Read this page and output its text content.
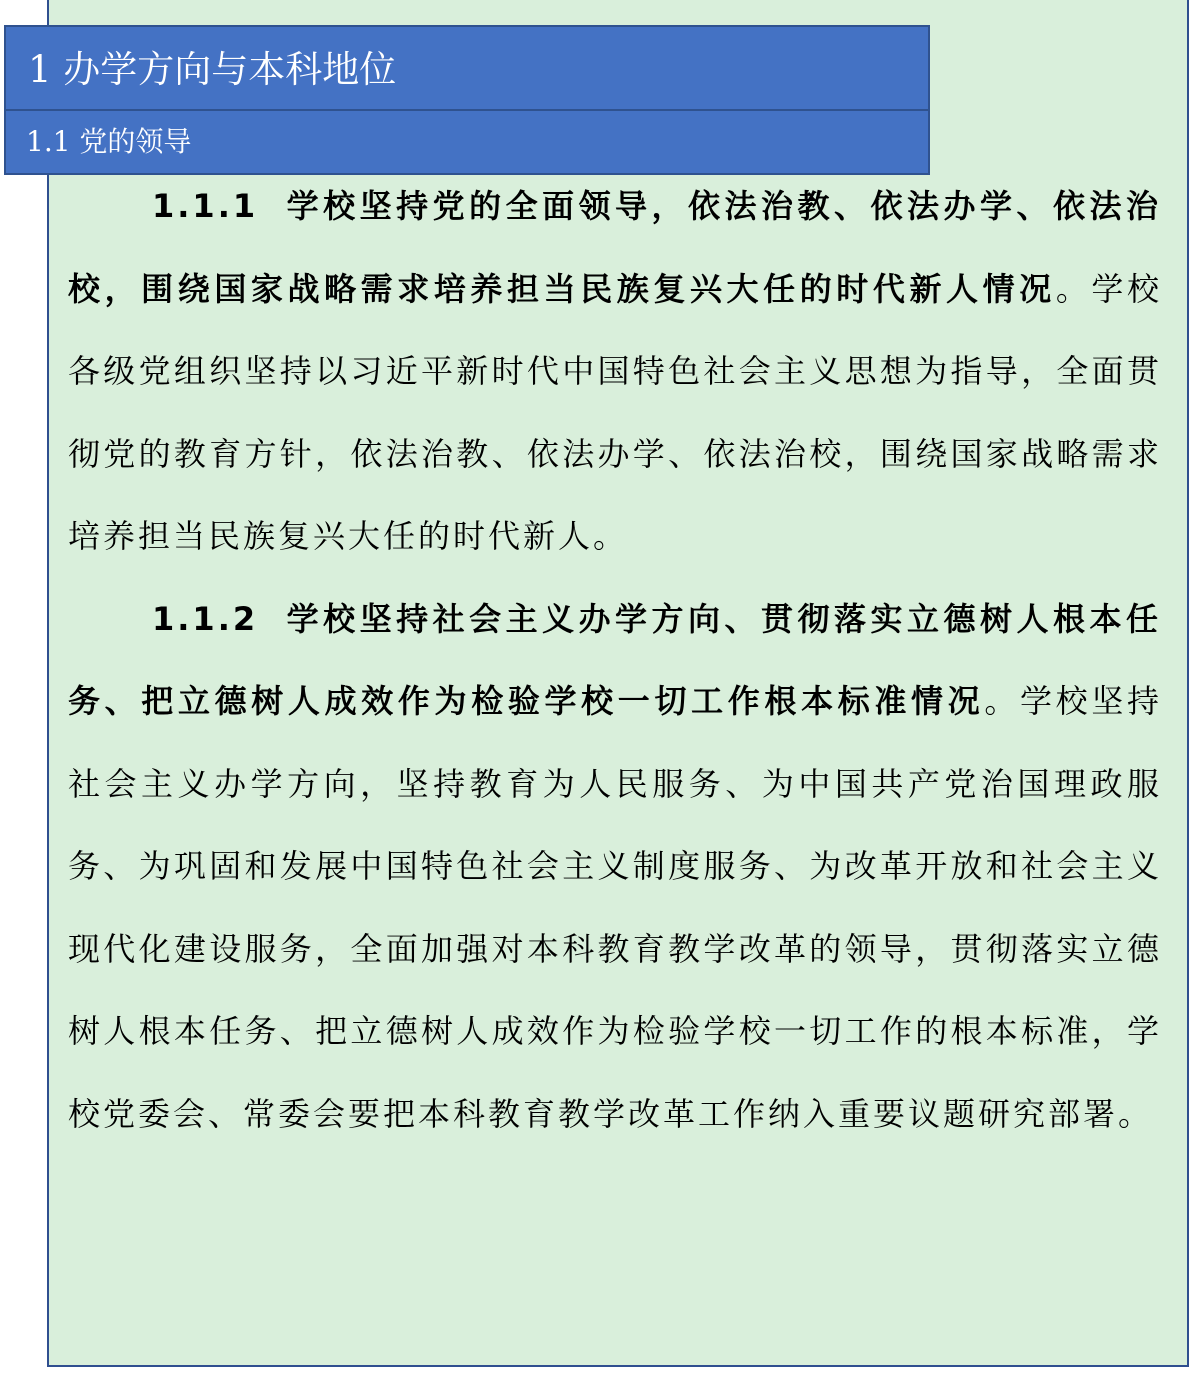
1 办学方向与本科地位
1.1 党的领导

1.1.1 学校坚持党的全面领导，依法治教、依法办学、依法治校，围绕国家战略需求培养担当民族复兴大任的时代新人情况。学校各级党组织坚持以习近平新时代中国特色社会主义思想为指导，全面贯彻党的教育方针，依法治教、依法办学、依法治校，围绕国家战略需求培养担当民族复兴大任的时代新人。

1.1.2 学校坚持社会主义办学方向、贯彻落实立德树人根本任务、把立德树人成效作为检验学校一切工作根本标准情况。学校坚持社会主义办学方向，坚持教育为人民服务、为中国共产党治国理政服务、为巩固和发展中国特色社会主义制度服务、为改革开放和社会主义现代化建设服务，全面加强对本科教育教学改革的领导，贯彻落实立德树人根本任务、把立德树人成效作为检验学校一切工作的根本标准，学校党委会、常委会要把本科教育教学改革工作纳入重要议题研究部署。
